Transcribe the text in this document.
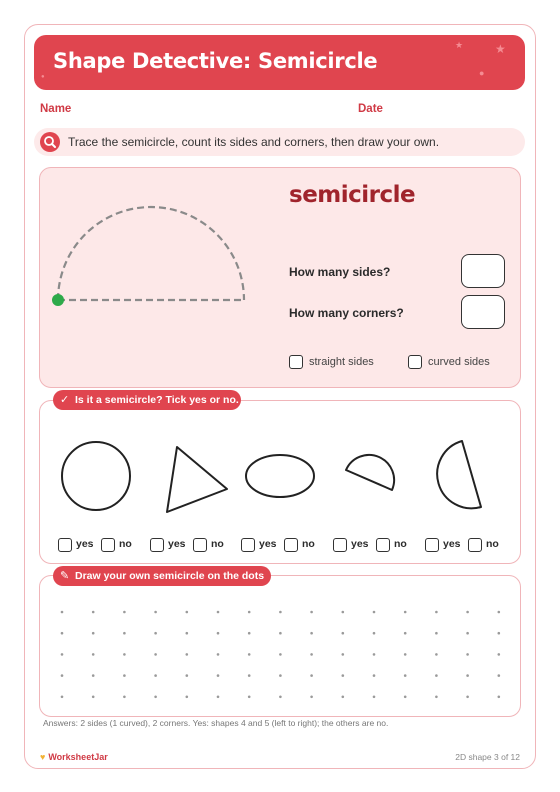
Shape Detective: Semicircle
★	★
●
●
Name	Date
Trace the semicircle, count its sides and corners, then draw your own.
semicircle
How many sides?
How many corners?
straight sides	curved sides
✓ Is it a semicircle? Tick yes or no.
yes no	yes no	yes no	yes no	yes no
✎ Draw your own semicircle on the dots
Answers: 2 sides (1 curved), 2 corners. Yes: shapes 4 and 5 (left to right); the others are no.
♥ WorksheetJar	2D shape 3 of 12
